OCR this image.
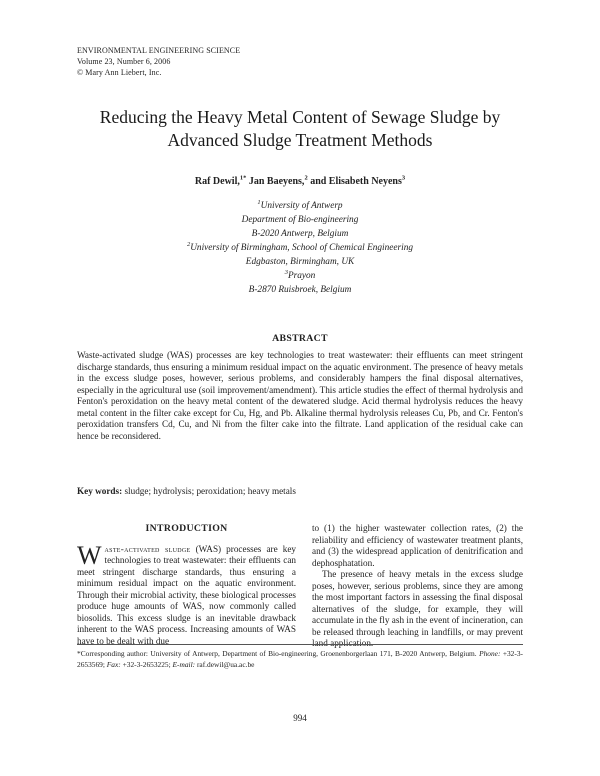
ENVIRONMENTAL ENGINEERING SCIENCE
Volume 23, Number 6, 2006
© Mary Ann Liebert, Inc.
Reducing the Heavy Metal Content of Sewage Sludge by
Advanced Sludge Treatment Methods
Raf Dewil,$^{1*}$ Jan Baeyens,$^2$ and Elisabeth Neyens$^3$
$^1$University of Antwerp
Department of Bio-engineering
B-2020 Antwerp, Belgium
$^2$University of Birmingham, School of Chemical Engineering
Edgbaston, Birmingham, UK
$^3$Prayon
B-2870 Ruisbroek, Belgium
ABSTRACT
Waste-activated sludge (WAS) processes are key technologies to treat wastewater: their effluents can meet stringent discharge standards, thus ensuring a minimum residual impact on the aquatic environment. The presence of heavy metals in the excess sludge poses, however, serious problems, and considerably hampers the final disposal alternatives, especially in the agricultural use (soil improvement/amendment). This article studies the effect of thermal hydrolysis and Fenton's peroxidation on the heavy metal content of the dewatered sludge. Acid thermal hydrolysis reduces the heavy metal content in the filter cake except for Cu, Hg, and Pb. Alkaline thermal hydrolysis releases Cu, Pb, and Cr. Fenton's peroxidation transfers Cd, Cu, and Ni from the filter cake into the filtrate. Land application of the residual cake can hence be reconsidered.
Key words: sludge; hydrolysis; peroxidation; heavy metals
INTRODUCTION

Waste-activated sludge (WAS) processes are key technologies to treat wastewater: their effluents can meet stringent discharge standards, thus ensuring a minimum residual impact on the aquatic environment. Through their microbial activity, these biological processes produce huge amounts of WAS, now commonly called biosolids. This excess sludge is an inevitable drawback inherent to the WAS process. Increasing amounts of WAS have to be dealt with due

to (1) the higher wastewater collection rates, (2) the reliability and efficiency of wastewater treatment plants, and (3) the widespread application of denitrification and dephosphatation.

The presence of heavy metals in the excess sludge poses, however, serious problems, since they are among the most important factors in assessing the final disposal alternatives of the sludge, for example, they will accumulate in the fly ash in the event of incineration, can be released through leaching in landfills, or may prevent land application.

*Corresponding author: University of Antwerp, Department of Bio-engineering, Groenenborgerlaan 171, B-2020 Antwerp, Belgium. Phone: +32-3-2653569; Fax: +32-3-2653225; E-mail: raf.dewil@ua.ac.be
994
